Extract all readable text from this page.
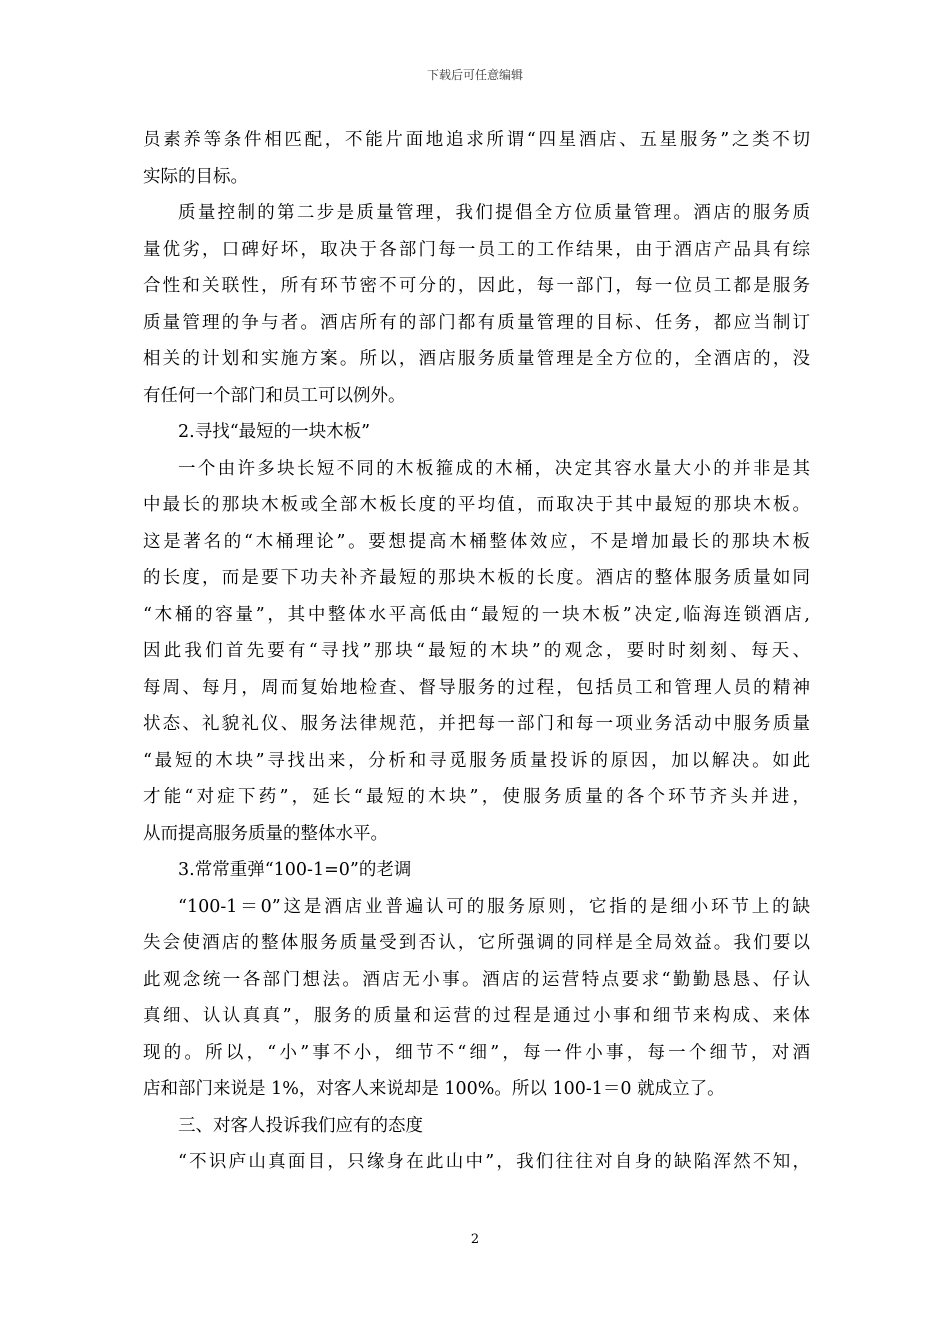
下载后可任意编辑
员素养等条件相匹配，不能片面地追求所谓“四星酒店、五星服务”之类不切
实际的目标。
质量控制的第二步是质量管理，我们提倡全方位质量管理。酒店的服务质
量优劣，口碑好坏，取决于各部门每一员工的工作结果，由于酒店产品具有综
合性和关联性，所有环节密不可分的，因此，每一部门，每一位员工都是服务
质量管理的争与者。酒店所有的部门都有质量管理的目标、任务，都应当制订
相关的计划和实施方案。所以，酒店服务质量管理是全方位的，全酒店的，没
有任何一个部门和员工可以例外。
2.寻找“最短的一块木板”
一个由许多块长短不同的木板箍成的木桶，决定其容水量大小的并非是其
中最长的那块木板或全部木板长度的平均值，而取决于其中最短的那块木板。
这是著名的“木桶理论”。要想提高木桶整体效应，不是增加最长的那块木板
的长度，而是要下功夫补齐最短的那块木板的长度。酒店的整体服务质量如同
“木桶的容量”，其中整体水平高低由“最短的一块木板”决定,临海连锁酒店,
因此我们首先要有“寻找”那块“最短的木块”的观念，要时时刻刻、每天、
每周、每月，周而复始地检查、督导服务的过程，包括员工和管理人员的精神
状态、礼貌礼仪、服务法律规范，并把每一部门和每一项业务活动中服务质量
“最短的木块”寻找出来，分析和寻觅服务质量投诉的原因，加以解决。如此
才能“对症下药”，延长“最短的木块”，使服务质量的各个环节齐头并进，
从而提高服务质量的整体水平。
3.常常重弹“100-1=0”的老调
“100-1＝0”这是酒店业普遍认可的服务原则，它指的是细小环节上的缺
失会使酒店的整体服务质量受到否认，它所强调的同样是全局效益。我们要以
此观念统一各部门想法。酒店无小事。酒店的运营特点要求“勤勤恳恳、仔认
真细、认认真真”，服务的质量和运营的过程是通过小事和细节来构成、来体
现的。所以，“小”事不小，细节不“细”，每一件小事，每一个细节，对酒
店和部门来说是 1%，对客人来说却是 100%。所以 100-1＝0 就成立了。
三、对客人投诉我们应有的态度
“不识庐山真面目，只缘身在此山中”，我们往往对自身的缺陷浑然不知，
2
